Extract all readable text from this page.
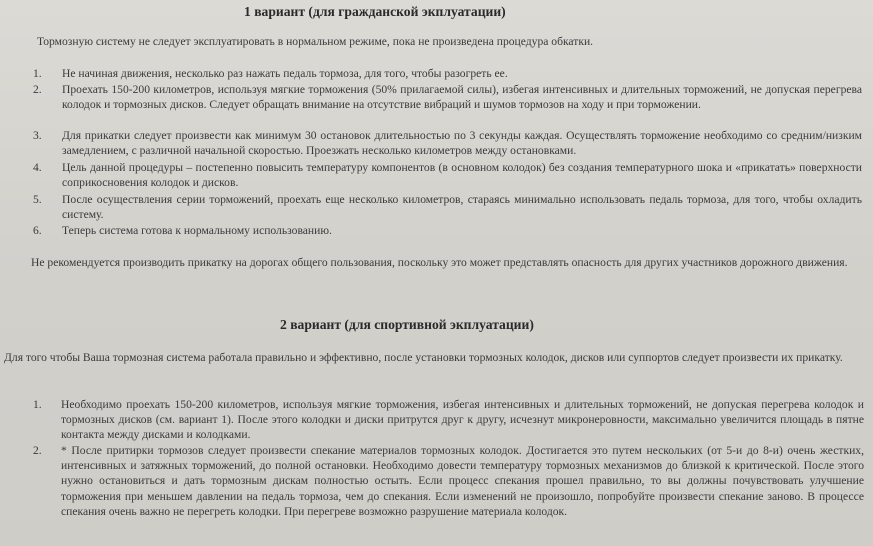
1 вариант (для гражданской экплуатации)
Тормозную систему не следует эксплуатировать в нормальном режиме, пока не произведена процедура обкатки.
1. Не начиная движения, несколько раз нажать педаль тормоза, для того, чтобы разогреть ее.
2. Проехать 150-200 километров, используя мягкие торможения (50% прилагаемой силы), избегая интенсивных и длительных торможений, не допуская перегрева колодок и тормозных дисков. Следует обращать внимание на отсутствие вибраций и шумов тормозов на ходу и при торможении.
3. Для прикатки следует произвести как минимум 30 остановок длительностью по 3 секунды каждая. Осуществлять торможение необходимо со средним/низким замедлением, с различной начальной скоростью. Проезжать несколько километров между остановками.
4. Цель данной процедуры – постепенно повысить температуру компонентов (в основном колодок) без создания температурного шока и «прикатать» поверхности соприкосновения колодок и дисков.
5. После осуществления серии торможений, проехать еще несколько километров, стараясь минимально использовать педаль тормоза, для того, чтобы охладить систему.
6. Теперь система готова к нормальному использованию.
Не рекомендуется производить прикатку на дорогах общего пользования, поскольку это может представлять опасность для других участников дорожного движения.
2 вариант (для спортивной экплуатации)
Для того чтобы Ваша тормозная система работала правильно и эффективно, после установки тормозных колодок, дисков или суппортов следует произвести их прикатку.
1. Необходимо проехать 150-200 километров, используя мягкие торможения, избегая интенсивных и длительных торможений, не допуская перегрева колодок и тормозных дисков (см. вариант 1). После этого колодки и диски притрутся друг к другу, исчезнут микронеровности, максимально увеличится площадь в пятне контакта между дисками и колодками.
2. * После притирки тормозов следует произвести спекание материалов тормозных колодок. Достигается это путем нескольких (от 5-и до 8-и) очень жестких, интенсивных и затяжных торможений, до полной остановки. Необходимо довести температуру тормозных механизмов до близкой к критической. После этого нужно остановиться и дать тормозным дискам полностью остыть. Если процесс спекания прошел правильно, то вы должны почувствовать улучшение торможения при меньшем давлении на педаль тормоза, чем до спекания. Если изменений не произошло, попробуйте произвести спекание заново. В процессе спекания очень важно не перегреть колодки. При перегреве возможно разрушение материала колодок.
